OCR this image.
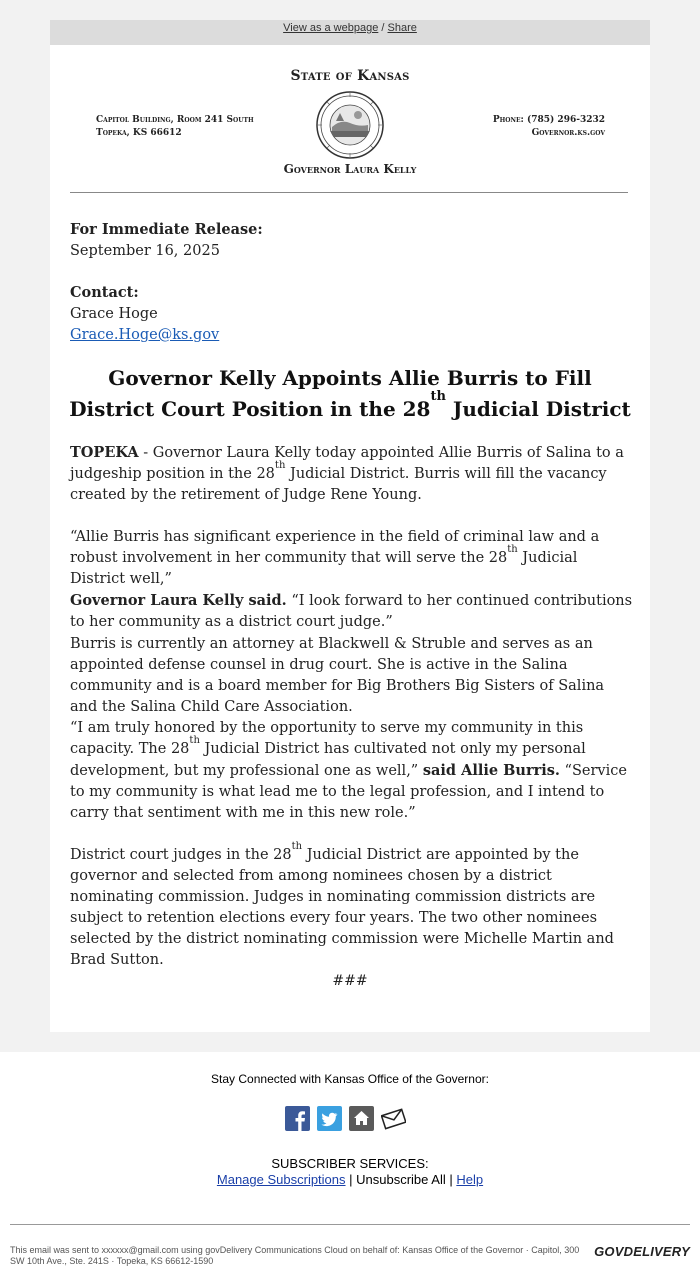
View as a webpage / Share
State of Kansas
Capitol Building, Room 241 South
Topeka, KS 66612
Phone: (785) 296-3232
Governor.ks.gov
Governor Laura Kelly
For Immediate Release:
September 16, 2025
Contact:
Grace Hoge
Grace.Hoge@ks.gov
Governor Kelly Appoints Allie Burris to Fill
District Court Position in the 28th Judicial District
TOPEKA - Governor Laura Kelly today appointed Allie Burris of Salina to a judgeship position in the 28th Judicial District. Burris will fill the vacancy created by the retirement of Judge Rene Young.
“Allie Burris has significant experience in the field of criminal law and a robust involvement in her community that will serve the 28th Judicial District well,”
Governor Laura Kelly said. “I look forward to her continued contributions to her community as a district court judge.”
Burris is currently an attorney at Blackwell & Struble and serves as an appointed defense counsel in drug court. She is active in the Salina community and is a board member for Big Brothers Big Sisters of Salina and the Salina Child Care Association.
“I am truly honored by the opportunity to serve my community in this capacity. The 28th Judicial District has cultivated not only my personal development, but my professional one as well,” said Allie Burris. “Service to my community is what lead me to the legal profession, and I intend to carry that sentiment with me in this new role.”
District court judges in the 28th Judicial District are appointed by the governor and selected from among nominees chosen by a district nominating commission. Judges in nominating commission districts are subject to retention elections every four years. The two other nominees selected by the district nominating commission were Michelle Martin and Brad Sutton.
###
Stay Connected with Kansas Office of the Governor:
SUBSCRIBER SERVICES:
Manage Subscriptions | Unsubscribe All | Help
This email was sent to xxxxxx@gmail.com using govDelivery Communications Cloud on behalf of: Kansas Office of the Governor · Capitol, 300 SW 10th Ave., Ste. 241S · Topeka, KS 66612-1590
GOVDELIVERY
